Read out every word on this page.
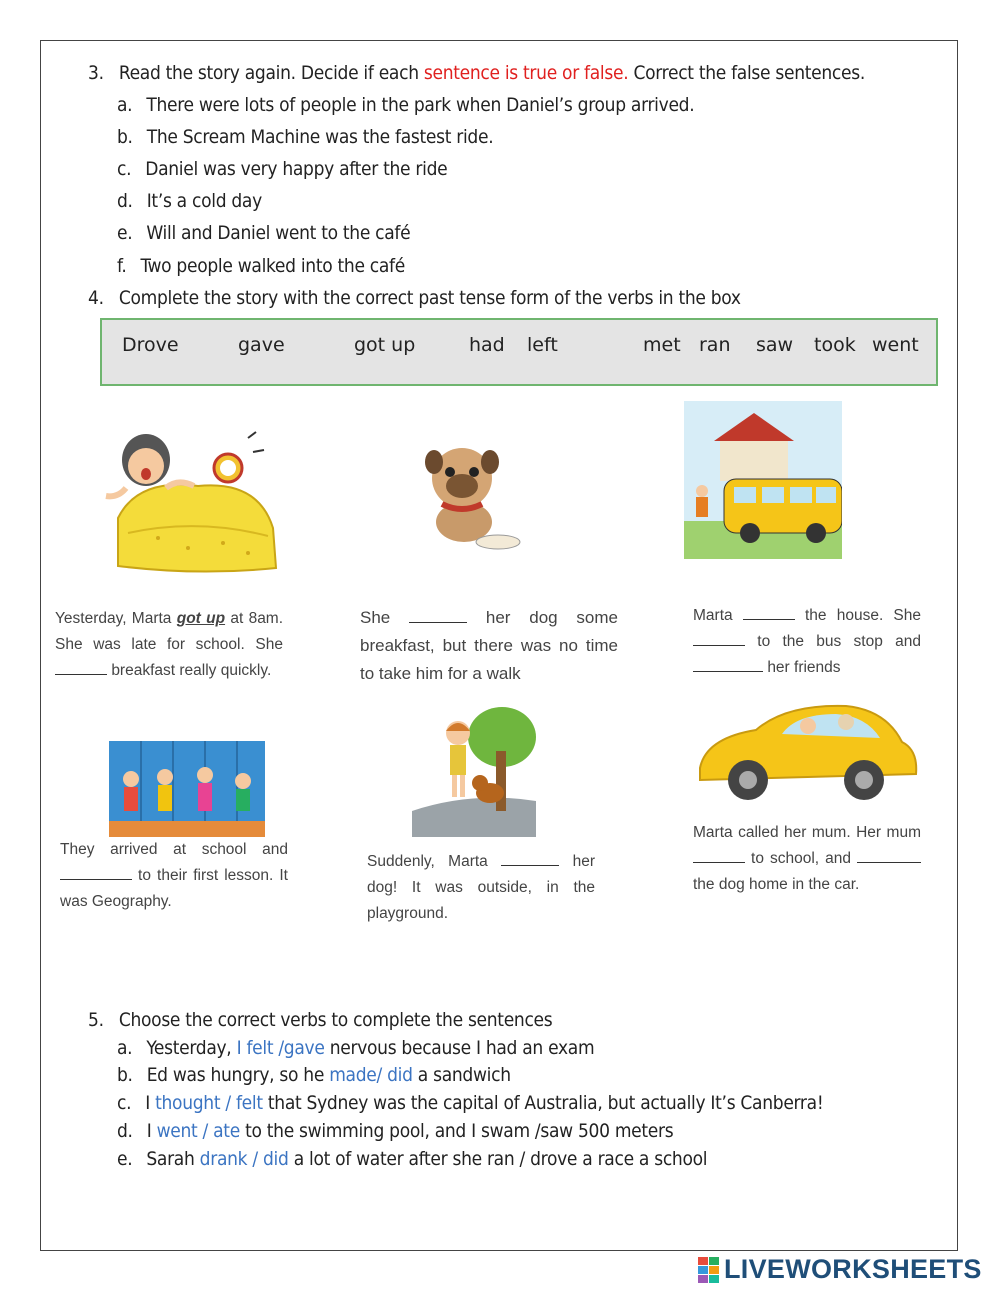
3. Read the story again. Decide if each sentence is true or false. Correct the false sentences.
a. There were lots of people in the park when Daniel’s group arrived.
b. The Scream Machine was the fastest ride.
c. Daniel was very happy after the ride
d. It’s a cold day
e. Will and Daniel went to the café
f. Two people walked into the café
4. Complete the story with the correct past tense form of the verbs in the box
Drove	gave	got up	had left	met ran saw took went
Yesterday, Marta got up at 8am. She was late for school. She  breakfast really quickly.
She	her dog some breakfast, but there was no time to take him for a walk
Marta	the house. She  to the bus stop and  her friends
They arrived at school and  to their first lesson. It was Geography.
Suddenly, Marta	her dog! It was outside, in the playground.
Marta called her mum. Her mum  to school, and  the dog home in the car.
5. Choose the correct verbs to complete the sentences
a. Yesterday, I felt /gave nervous because I had an exam
b. Ed was hungry, so he made/ did a sandwich
c. I thought / felt that Sydney was the capital of Australia, but actually It’s Canberra!
d. I went / ate to the swimming pool, and I swam /saw 500 meters
e. Sarah drank / did a lot of water after she ran / drove a race a school
LIVEWORKSHEETS
